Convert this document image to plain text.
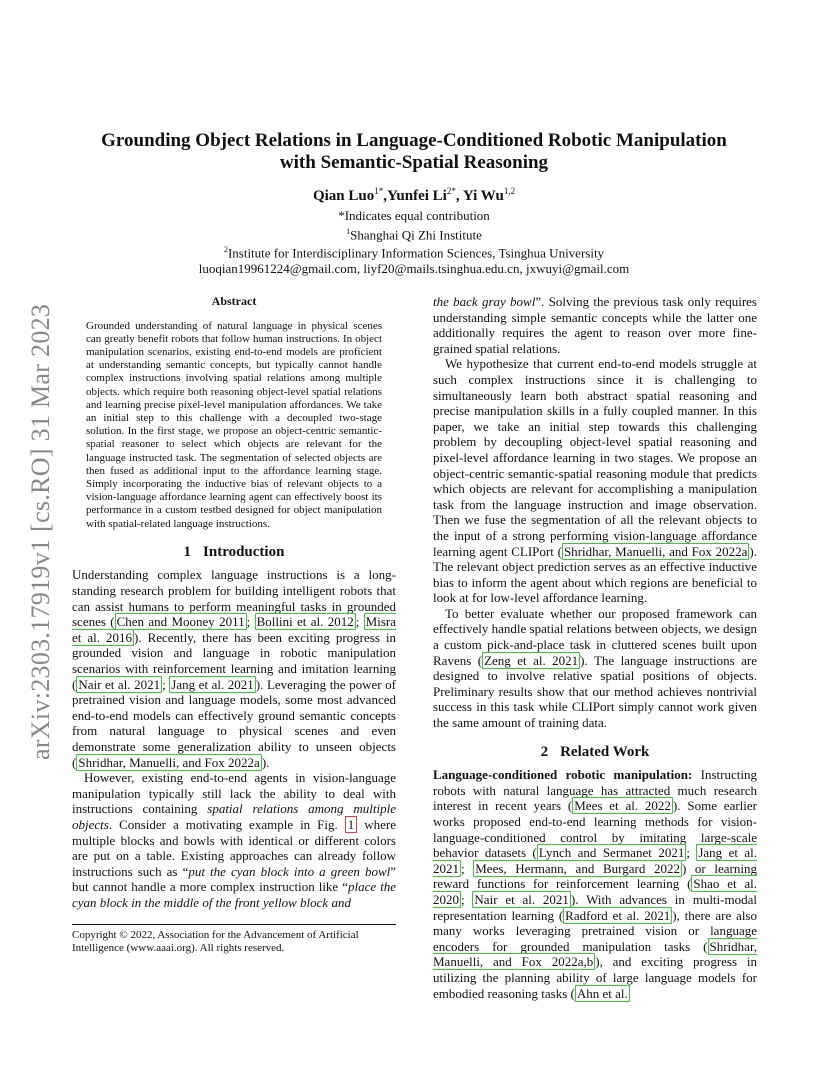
arXiv:2303.17919v1 [cs.RO] 31 Mar 2023
Grounding Object Relations in Language-Conditioned Robotic Manipulation
with Semantic-Spatial Reasoning
Qian Luo$^{1*}$,Yunfei $Li^{2*}$, Yi Wu$^{1,2}$
*Indicates equal contribution
$^1$Shanghai Qi Zhi Institute
$^2$Institute for Interdisciplinary Information Sciences, Tsinghua University
luoqian19961224@gmail.com, liyf20@mails.tsinghua.edu.cn, jxwuyi@gmail.com
Abstract
Grounded understanding of natural language in physical scenes can greatly benefit robots that follow human instructions. In object manipulation scenarios, existing end-to-end models are proficient at understanding semantic concepts, but typically cannot handle complex instructions involving spatial relations among multiple objects. which require both reasoning object-level spatial relations and learning precise pixel-level manipulation affordances. We take an initial step to this challenge with a decoupled two-stage solution. In the first stage, we propose an object-centric semantic-spatial reasoner to select which objects are relevant for the language instructed task. The segmentation of selected objects are then fused as additional input to the affordance learning stage. Simply incorporating the inductive bias of relevant objects to a vision-language affordance learning agent can effectively boost its performance in a custom testbed designed for object manipulation with spatial-related language instructions.
1 Introduction

Understanding complex language instructions is a long-standing research problem for building intelligent robots that can assist humans to perform meaningful tasks in grounded scenes ( Chen and Mooney 2011 ; Bollini et al. 2012 ; Misra et al. 2016 ). Recently, there has been exciting progress in grounded vision and language in robotic manipulation scenarios with reinforcement learning and imitation learning ( Nair et al. 2021 ; Jang et al. 2021 ). Leveraging the power of pretrained vision and language models, some most advanced end-to-end models can effectively ground semantic concepts from natural language to physical scenes and even demonstrate some generalization ability to unseen objects ( Shridhar, Manuelli, and Fox 2022a ).

However, existing end-to-end agents in vision-language manipulation typically still lack the ability to deal with instructions containing spatial relations among multiple objects. Consider a motivating example in Fig. 1 where multiple blocks and bowls with identical or different colors are put on a table. Existing approaches can already follow instructions such as “put the cyan block into a green bowl” but cannot handle a more complex instruction like “place the cyan block in the middle of the front yellow block and

Copyright © 2022, Association for the Advancement of Artificial Intelligence (www.aaai.org). All rights reserved.

the back gray bowl”. Solving the previous task only requires understanding simple semantic concepts while the latter one additionally requires the agent to reason over more fine-grained spatial relations.

We hypothesize that current end-to-end models struggle at such complex instructions since it is challenging to simultaneously learn both abstract spatial reasoning and precise manipulation skills in a fully coupled manner. In this paper, we take an initial step towards this challenging problem by decoupling object-level spatial reasoning and pixel-level affordance learning in two stages. We propose an object-centric semantic-spatial reasoning module that predicts which objects are relevant for accomplishing a manipulation task from the language instruction and image observation. Then we fuse the segmentation of all the relevant objects to the input of a strong performing vision-language affordance learning agent CLIPort ( Shridhar, Manuelli, and Fox 2022a ). The relevant object prediction serves as an effective inductive bias to inform the agent about which regions are beneficial to look at for low-level affordance learning.

To better evaluate whether our proposed framework can effectively handle spatial relations between objects, we design a custom pick-and-place task in cluttered scenes built upon Ravens ( Zeng et al. 2021 ). The language instructions are designed to involve relative spatial positions of objects. Preliminary results show that our method achieves nontrivial success in this task while CLIPort simply cannot work given the same amount of training data.

2 Related Work

Language-conditioned robotic manipulation: Instructing robots with natural language has attracted much research interest in recent years ( Mees et al. 2022 ). Some earlier works proposed end-to-end learning methods for vision-language-conditioned control by imitating large-scale behavior datasets ( Lynch and Sermanet 2021 ; Jang et al. 2021 ; Mees, Hermann, and Burgard 2022 ) or learning reward functions for reinforcement learning ( Shao et al. 2020 ; Nair et al. 2021 ). With advances in multi-modal representation learning ( Radford et al. 2021 ), there are also many works leveraging pretrained vision or language encoders for grounded manipulation tasks ( Shridhar, Manuelli, and Fox 2022a,b ), and exciting progress in utilizing the planning ability of large language models for embodied reasoning tasks ( Ahn et al.
